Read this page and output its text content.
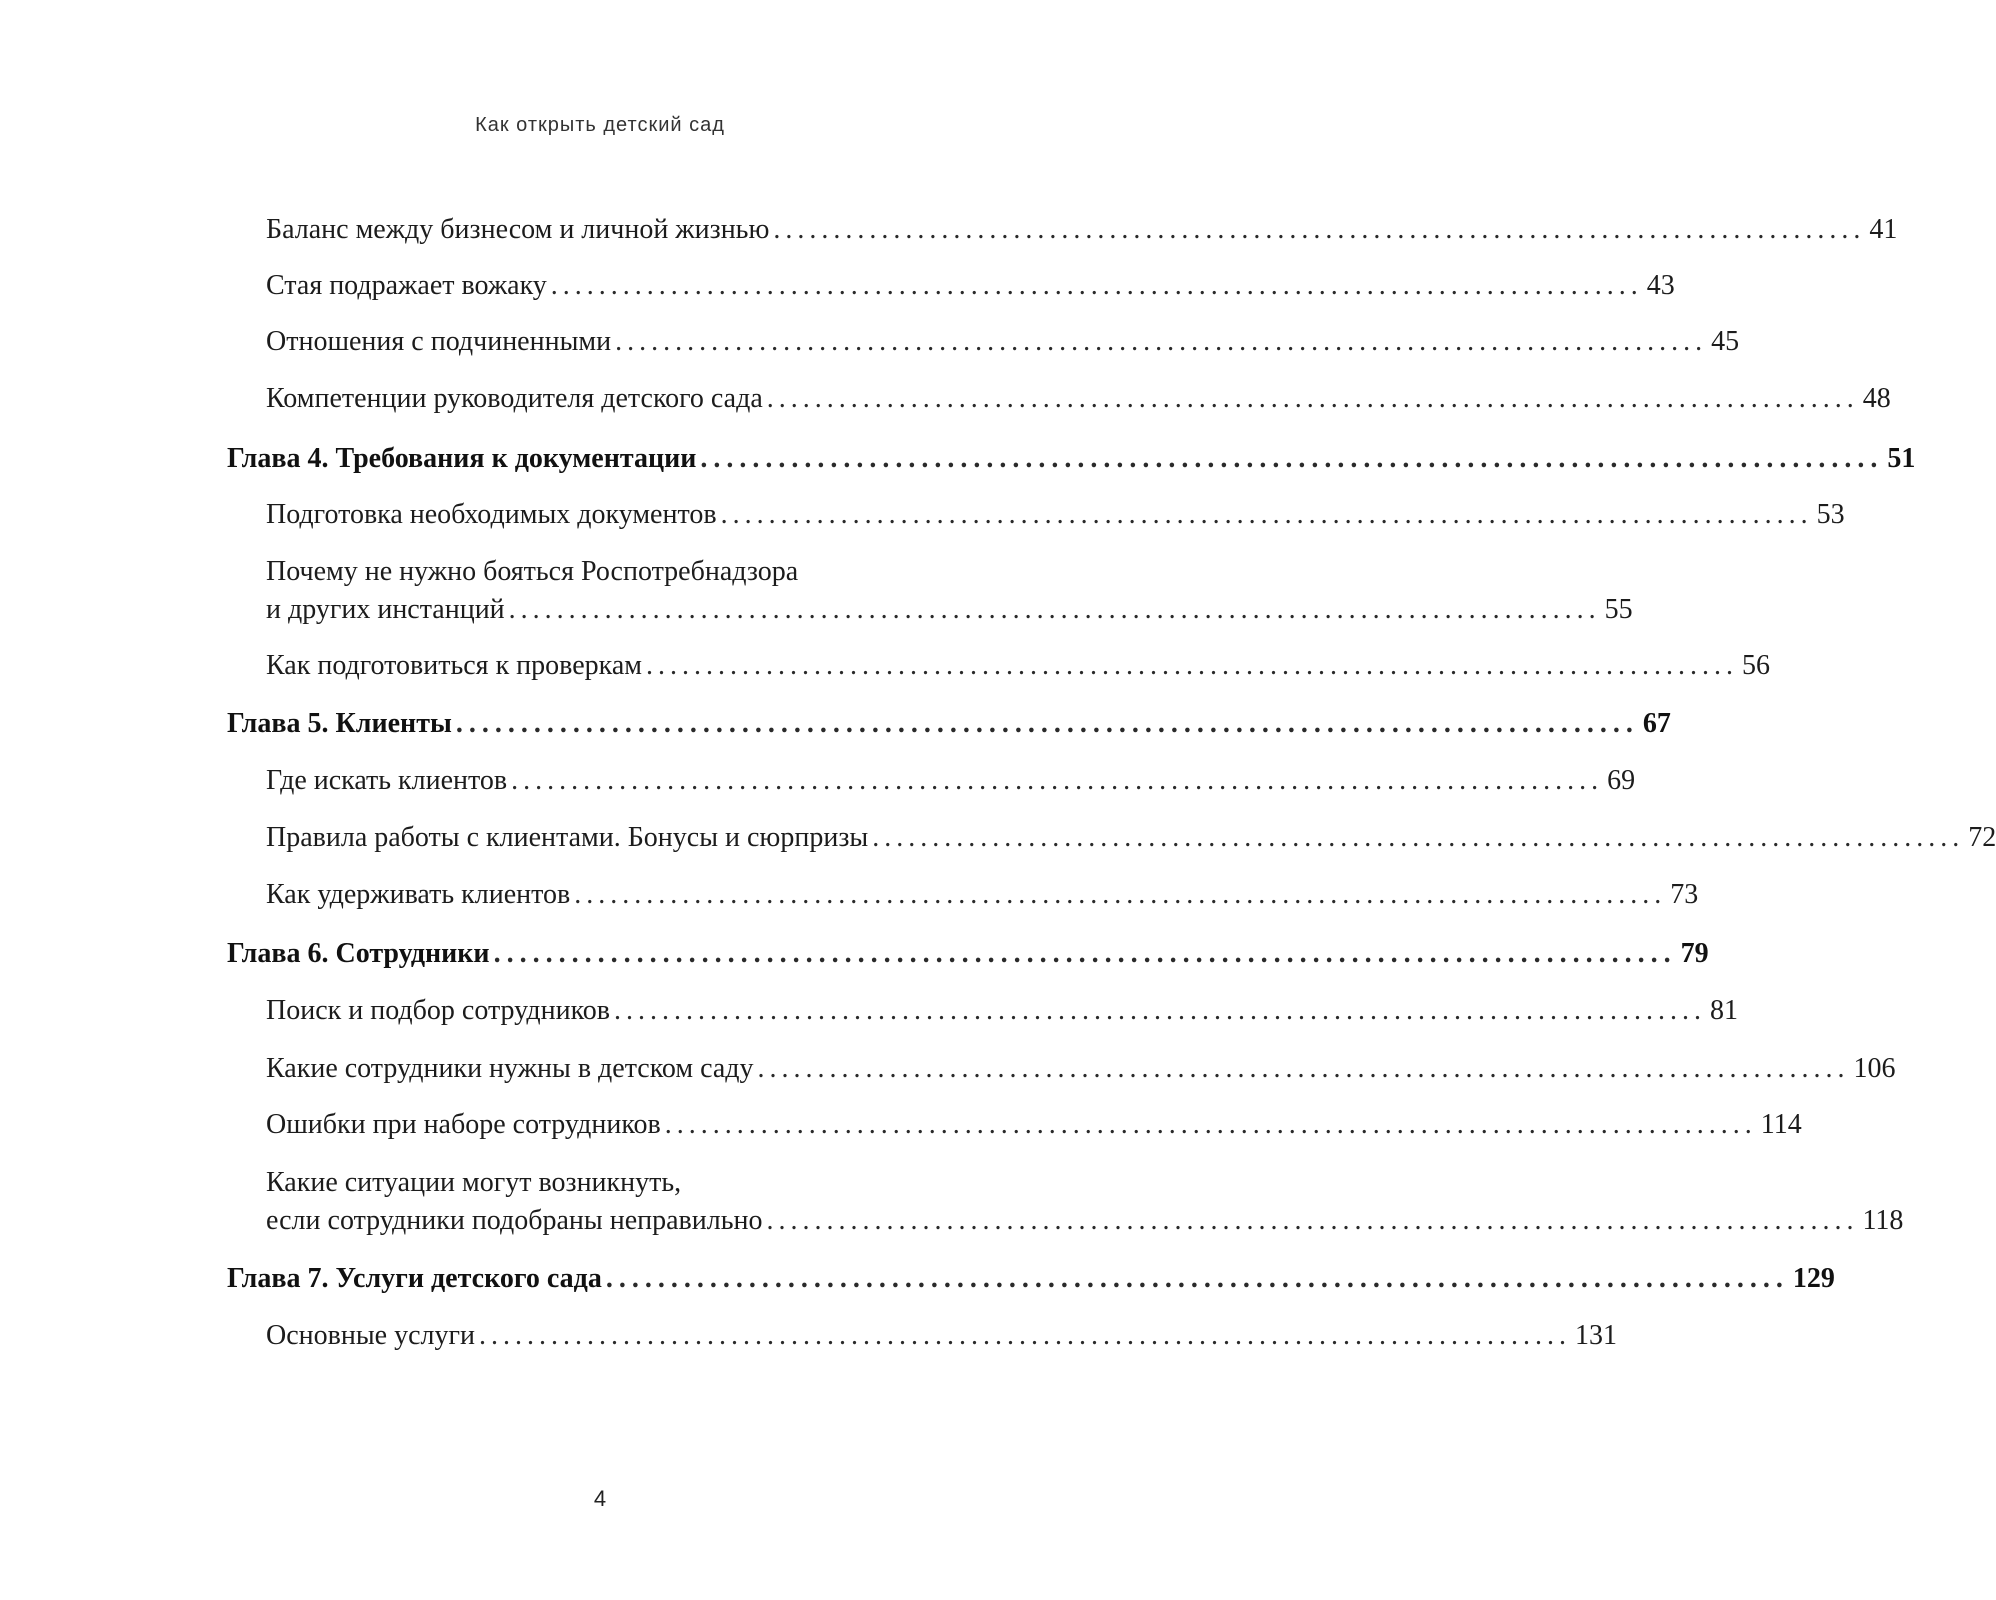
Как открыть детский сад
Баланс между бизнесом и личной жизнью ........................................................................................... 41
Стая подражает вожаку ........................................................................................... 43
Отношения с подчиненными ........................................................................................... 45
Компетенции руководителя детского сада ........................................................................................... 48
Глава 4. Требования к документации ........................................................................................... 51
Подготовка необходимых документов ........................................................................................... 53
Почему не нужно бояться Роспотребнадзора
и других инстанций ........................................................................................... 55
Как подготовиться к проверкам ........................................................................................... 56
Глава 5. Клиенты ........................................................................................... 67
Где искать клиентов ........................................................................................... 69
Правила работы с клиентами. Бонусы и сюрпризы ........................................................................................... 72
Как удерживать клиентов ........................................................................................... 73
Глава 6. Сотрудники ........................................................................................... 79
Поиск и подбор сотрудников ........................................................................................... 81
Какие сотрудники нужны в детском саду ........................................................................................... 106
Ошибки при наборе сотрудников ........................................................................................... 114
Какие ситуации могут возникнуть,
если сотрудники подобраны неправильно ........................................................................................... 118
Глава 7. Услуги детского сада ........................................................................................... 129
Основные услуги ........................................................................................... 131
4
